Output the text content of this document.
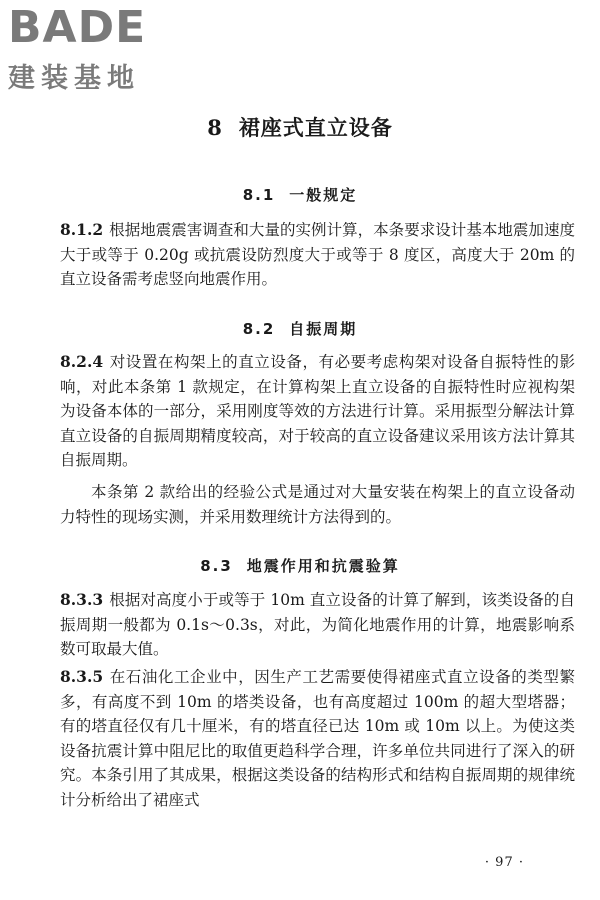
BADE
建装基地
8 裙座式直立设备
8.1 一般规定

8.1.2 根据地震震害调查和大量的实例计算，本条要求设计基本地震加速度大于或等于 0.20g 或抗震设防烈度大于或等于 8 度区，高度大于 20m 的直立设备需考虑竖向地震作用。

8.2 自振周期

8.2.4 对设置在构架上的直立设备，有必要考虑构架对设备自振特性的影响，对此本条第 1 款规定，在计算构架上直立设备的自振特性时应视构架为设备本体的一部分，采用刚度等效的方法进行计算。采用振型分解法计算直立设备的自振周期精度较高，对于较高的直立设备建议采用该方法计算其自振周期。

本条第 2 款给出的经验公式是通过对大量安装在构架上的直立设备动力特性的现场实测，并采用数理统计方法得到的。

8.3 地震作用和抗震验算

8.3.3 根据对高度小于或等于 10m 直立设备的计算了解到，该类设备的自振周期一般都为 0.1s～0.3s，对此，为简化地震作用的计算，地震影响系数可取最大值。

8.3.5 在石油化工企业中，因生产工艺需要使得裙座式直立设备的类型繁多，有高度不到 10m 的塔类设备，也有高度超过 100m 的超大型塔器；有的塔直径仅有几十厘米，有的塔直径已达 10m 或 10m 以上。为使这类设备抗震计算中阻尼比的取值更趋科学合理，许多单位共同进行了深入的研究。本条引用了其成果，根据这类设备的结构形式和结构自振周期的规律统计分析给出了裙座式

· 97 ·
